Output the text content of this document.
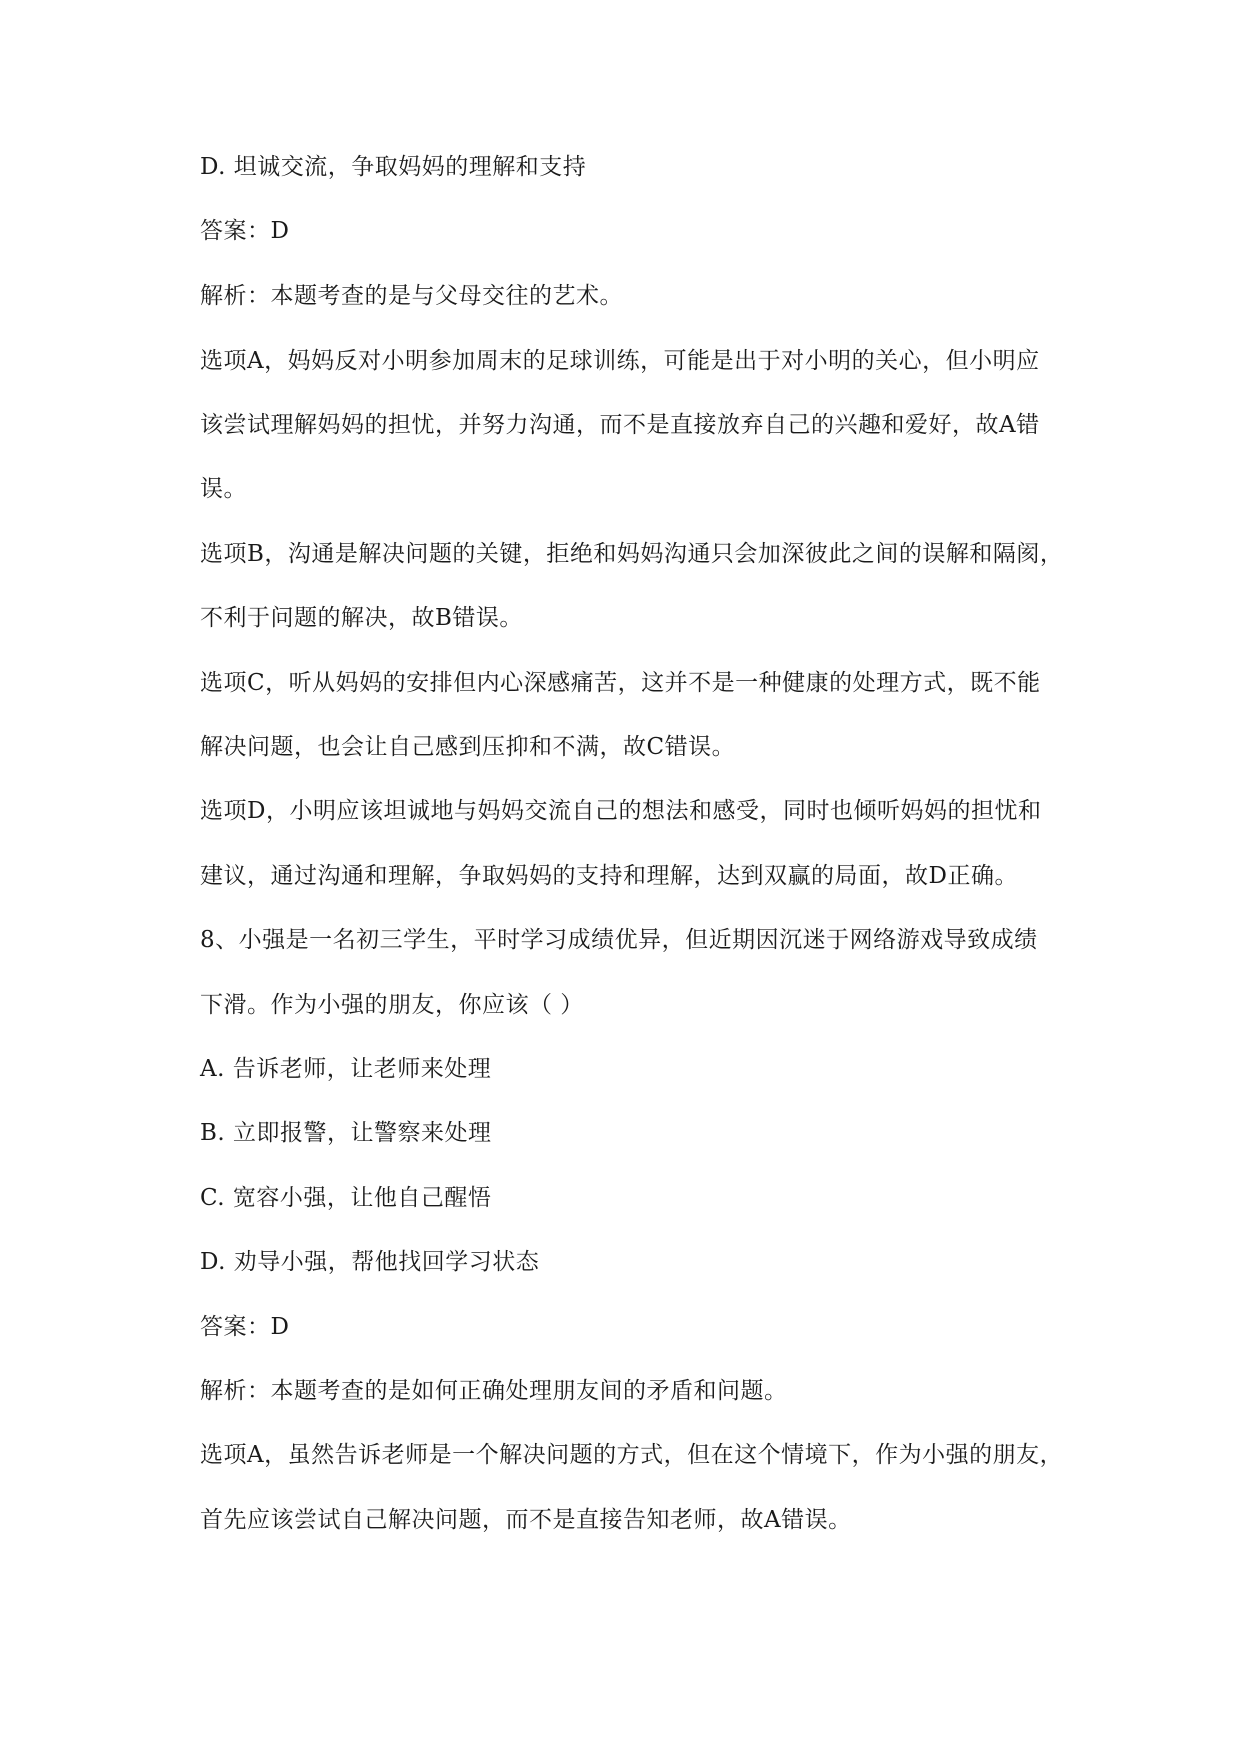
D. 坦诚交流，争取妈妈的理解和支持
答案：D
解析：本题考查的是与父母交往的艺术。
选项A，妈妈反对小明参加周末的足球训练，可能是出于对小明的关心，但小明应
该尝试理解妈妈的担忧，并努力沟通，而不是直接放弃自己的兴趣和爱好，故A错
误。
选项B，沟通是解决问题的关键，拒绝和妈妈沟通只会加深彼此之间的误解和隔阂，
不利于问题的解决，故B错误。
选项C，听从妈妈的安排但内心深感痛苦，这并不是一种健康的处理方式，既不能
解决问题，也会让自己感到压抑和不满，故C错误。
选项D，小明应该坦诚地与妈妈交流自己的想法和感受，同时也倾听妈妈的担忧和
建议，通过沟通和理解，争取妈妈的支持和理解，达到双赢的局面，故D正确。
8、小强是一名初三学生，平时学习成绩优异，但近期因沉迷于网络游戏导致成绩
下滑。作为小强的朋友，你应该（ ）
A. 告诉老师，让老师来处理
B. 立即报警，让警察来处理
C. 宽容小强，让他自己醒悟
D. 劝导小强，帮他找回学习状态
答案：D
解析：本题考查的是如何正确处理朋友间的矛盾和问题。
选项A，虽然告诉老师是一个解决问题的方式，但在这个情境下，作为小强的朋友，
首先应该尝试自己解决问题，而不是直接告知老师，故A错误。
